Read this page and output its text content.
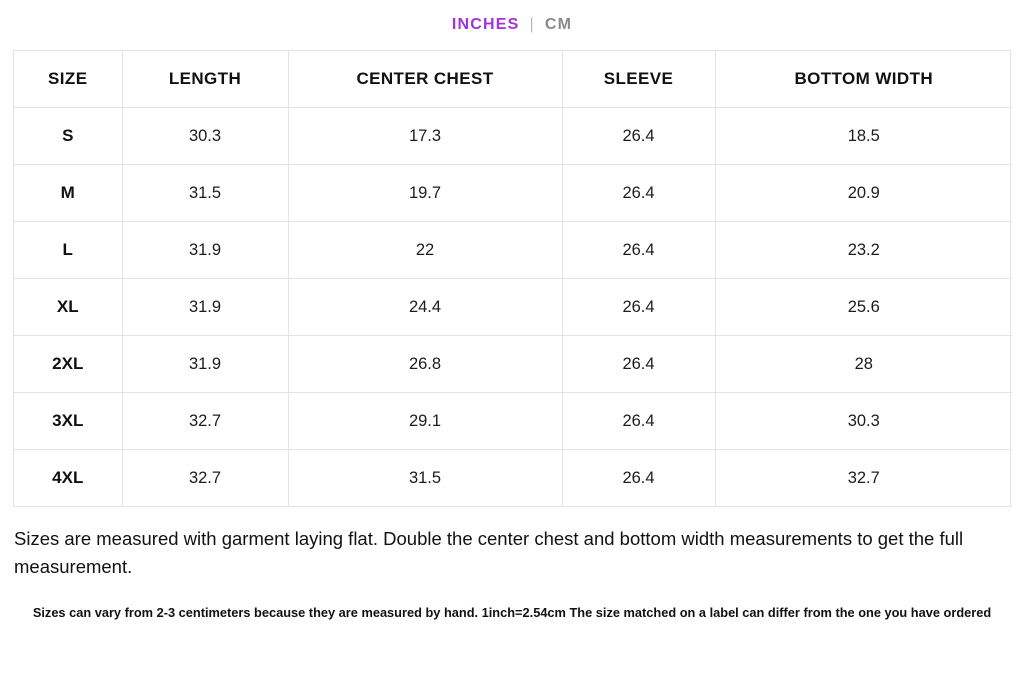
INCHES | CM
SIZE	LENGTH	CENTER CHEST	SLEEVE	BOTTOM WIDTH
S	30.3	17.3	26.4	18.5
M	31.5	19.7	26.4	20.9
L	31.9	22	26.4	23.2
XL	31.9	24.4	26.4	25.6
2XL	31.9	26.8	26.4	28
3XL	32.7	29.1	26.4	30.3
4XL	32.7	31.5	26.4	32.7

Sizes are measured with garment laying flat. Double the center chest and bottom width measurements to get the full measurement.

Sizes can vary from 2-3 centimeters because they are measured by hand. 1inch=2.54cm The size matched on a label can differ from the one you have ordered
